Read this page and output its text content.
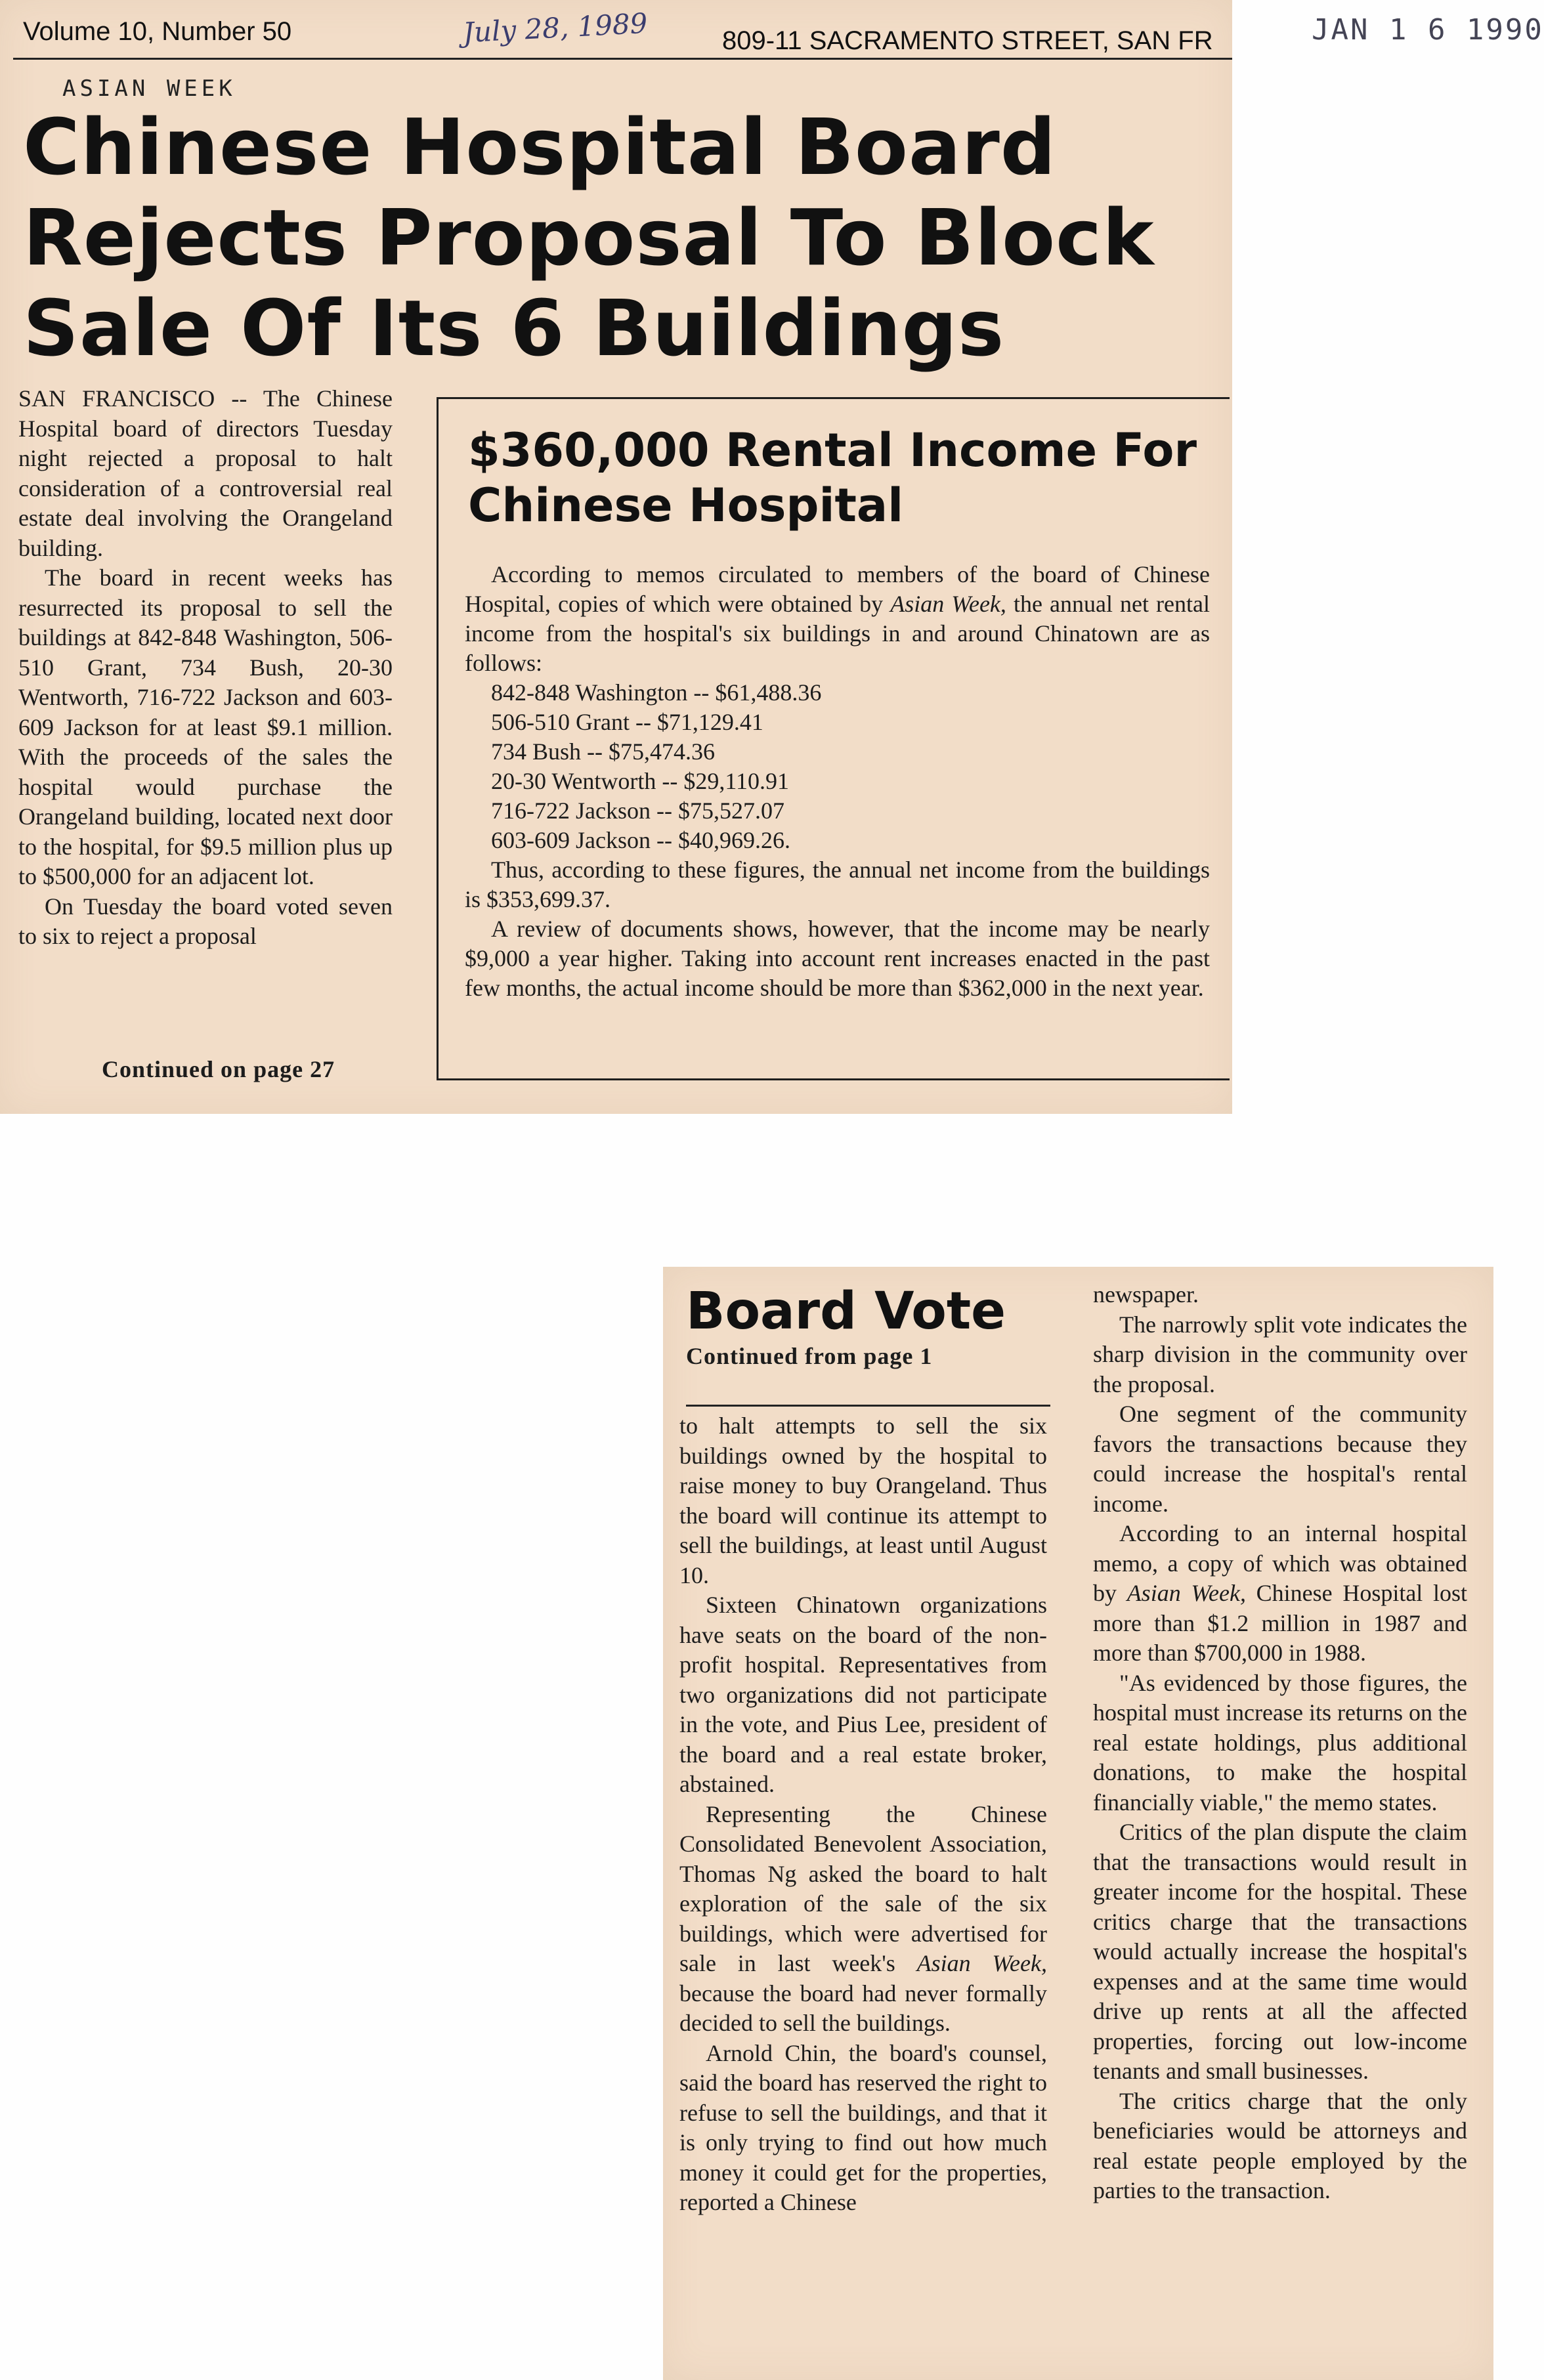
Volume 10, Number 50	July 28, 1989	809-11 SACRAMENTO STREET, SAN FR
ASIAN WEEK
Chinese Hospital Board Rejects Proposal To Block Sale Of Its 6 Buildings

SAN FRANCISCO -- The Chinese Hospital board of directors Tuesday night rejected a proposal to halt consideration of a controversial real estate deal involving the Orangeland building.

The board in recent weeks has resurrected its proposal to sell the buildings at 842-848 Washington, 506-510 Grant, 734 Bush, 20-30 Wentworth, 716-722 Jackson and 603-609 Jackson for at least $9.1 million. With the proceeds of the sales the hospital would purchase the Orangeland building, located next door to the hospital, for $9.5 million plus up to $500,000 for an adjacent lot.

On Tuesday the board voted seven to six to reject a proposal

Continued on page 27
$360,000 Rental Income For Chinese Hospital

According to memos circulated to members of the board of Chinese Hospital, copies of which were obtained by Asian Week, the annual net rental income from the hospital's six buildings in and around Chinatown are as follows:

842-848 Washington -- $61,488.36
506-510 Grant -- $71,129.41
734 Bush -- $75,474.36
20-30 Wentworth -- $29,110.91
716-722 Jackson -- $75,527.07
603-609 Jackson -- $40,969.26.

Thus, according to these figures, the annual net income from the buildings is $353,699.37.

A review of documents shows, however, that the income may be nearly $9,000 a year higher. Taking into account rent increases enacted in the past few months, the actual income should be more than $362,000 in the next year.

JAN 1 6 1990
Board Vote
Continued from page 1

to halt attempts to sell the six buildings owned by the hospital to raise money to buy Orangeland. Thus the board will continue its attempt to sell the buildings, at least until August 10.

Sixteen Chinatown organizations have seats on the board of the non-profit hospital. Representatives from two organizations did not participate in the vote, and Pius Lee, president of the board and a real estate broker, abstained.

Representing the Chinese Consolidated Benevolent Association, Thomas Ng asked the board to halt exploration of the sale of the six buildings, which were advertised for sale in last week's Asian Week, because the board had never formally decided to sell the buildings.

Arnold Chin, the board's counsel, said the board has reserved the right to refuse to sell the buildings, and that it is only trying to find out how much money it could get for the properties, reported a Chinese

newspaper.

The narrowly split vote indicates the sharp division in the community over the proposal.

One segment of the community favors the transactions because they could increase the hospital's rental income.

According to an internal hospital memo, a copy of which was obtained by Asian Week, Chinese Hospital lost more than $1.2 million in 1987 and more than $700,000 in 1988.

"As evidenced by those figures, the hospital must increase its returns on the real estate holdings, plus additional donations, to make the hospital financially viable," the memo states.

Critics of the plan dispute the claim that the transactions would result in greater income for the hospital. These critics charge that the transactions would actually increase the hospital's expenses and at the same time would drive up rents at all the affected properties, forcing out low-income tenants and small businesses.

The critics charge that the only beneficiaries would be attorneys and real estate people employed by the parties to the transaction.
